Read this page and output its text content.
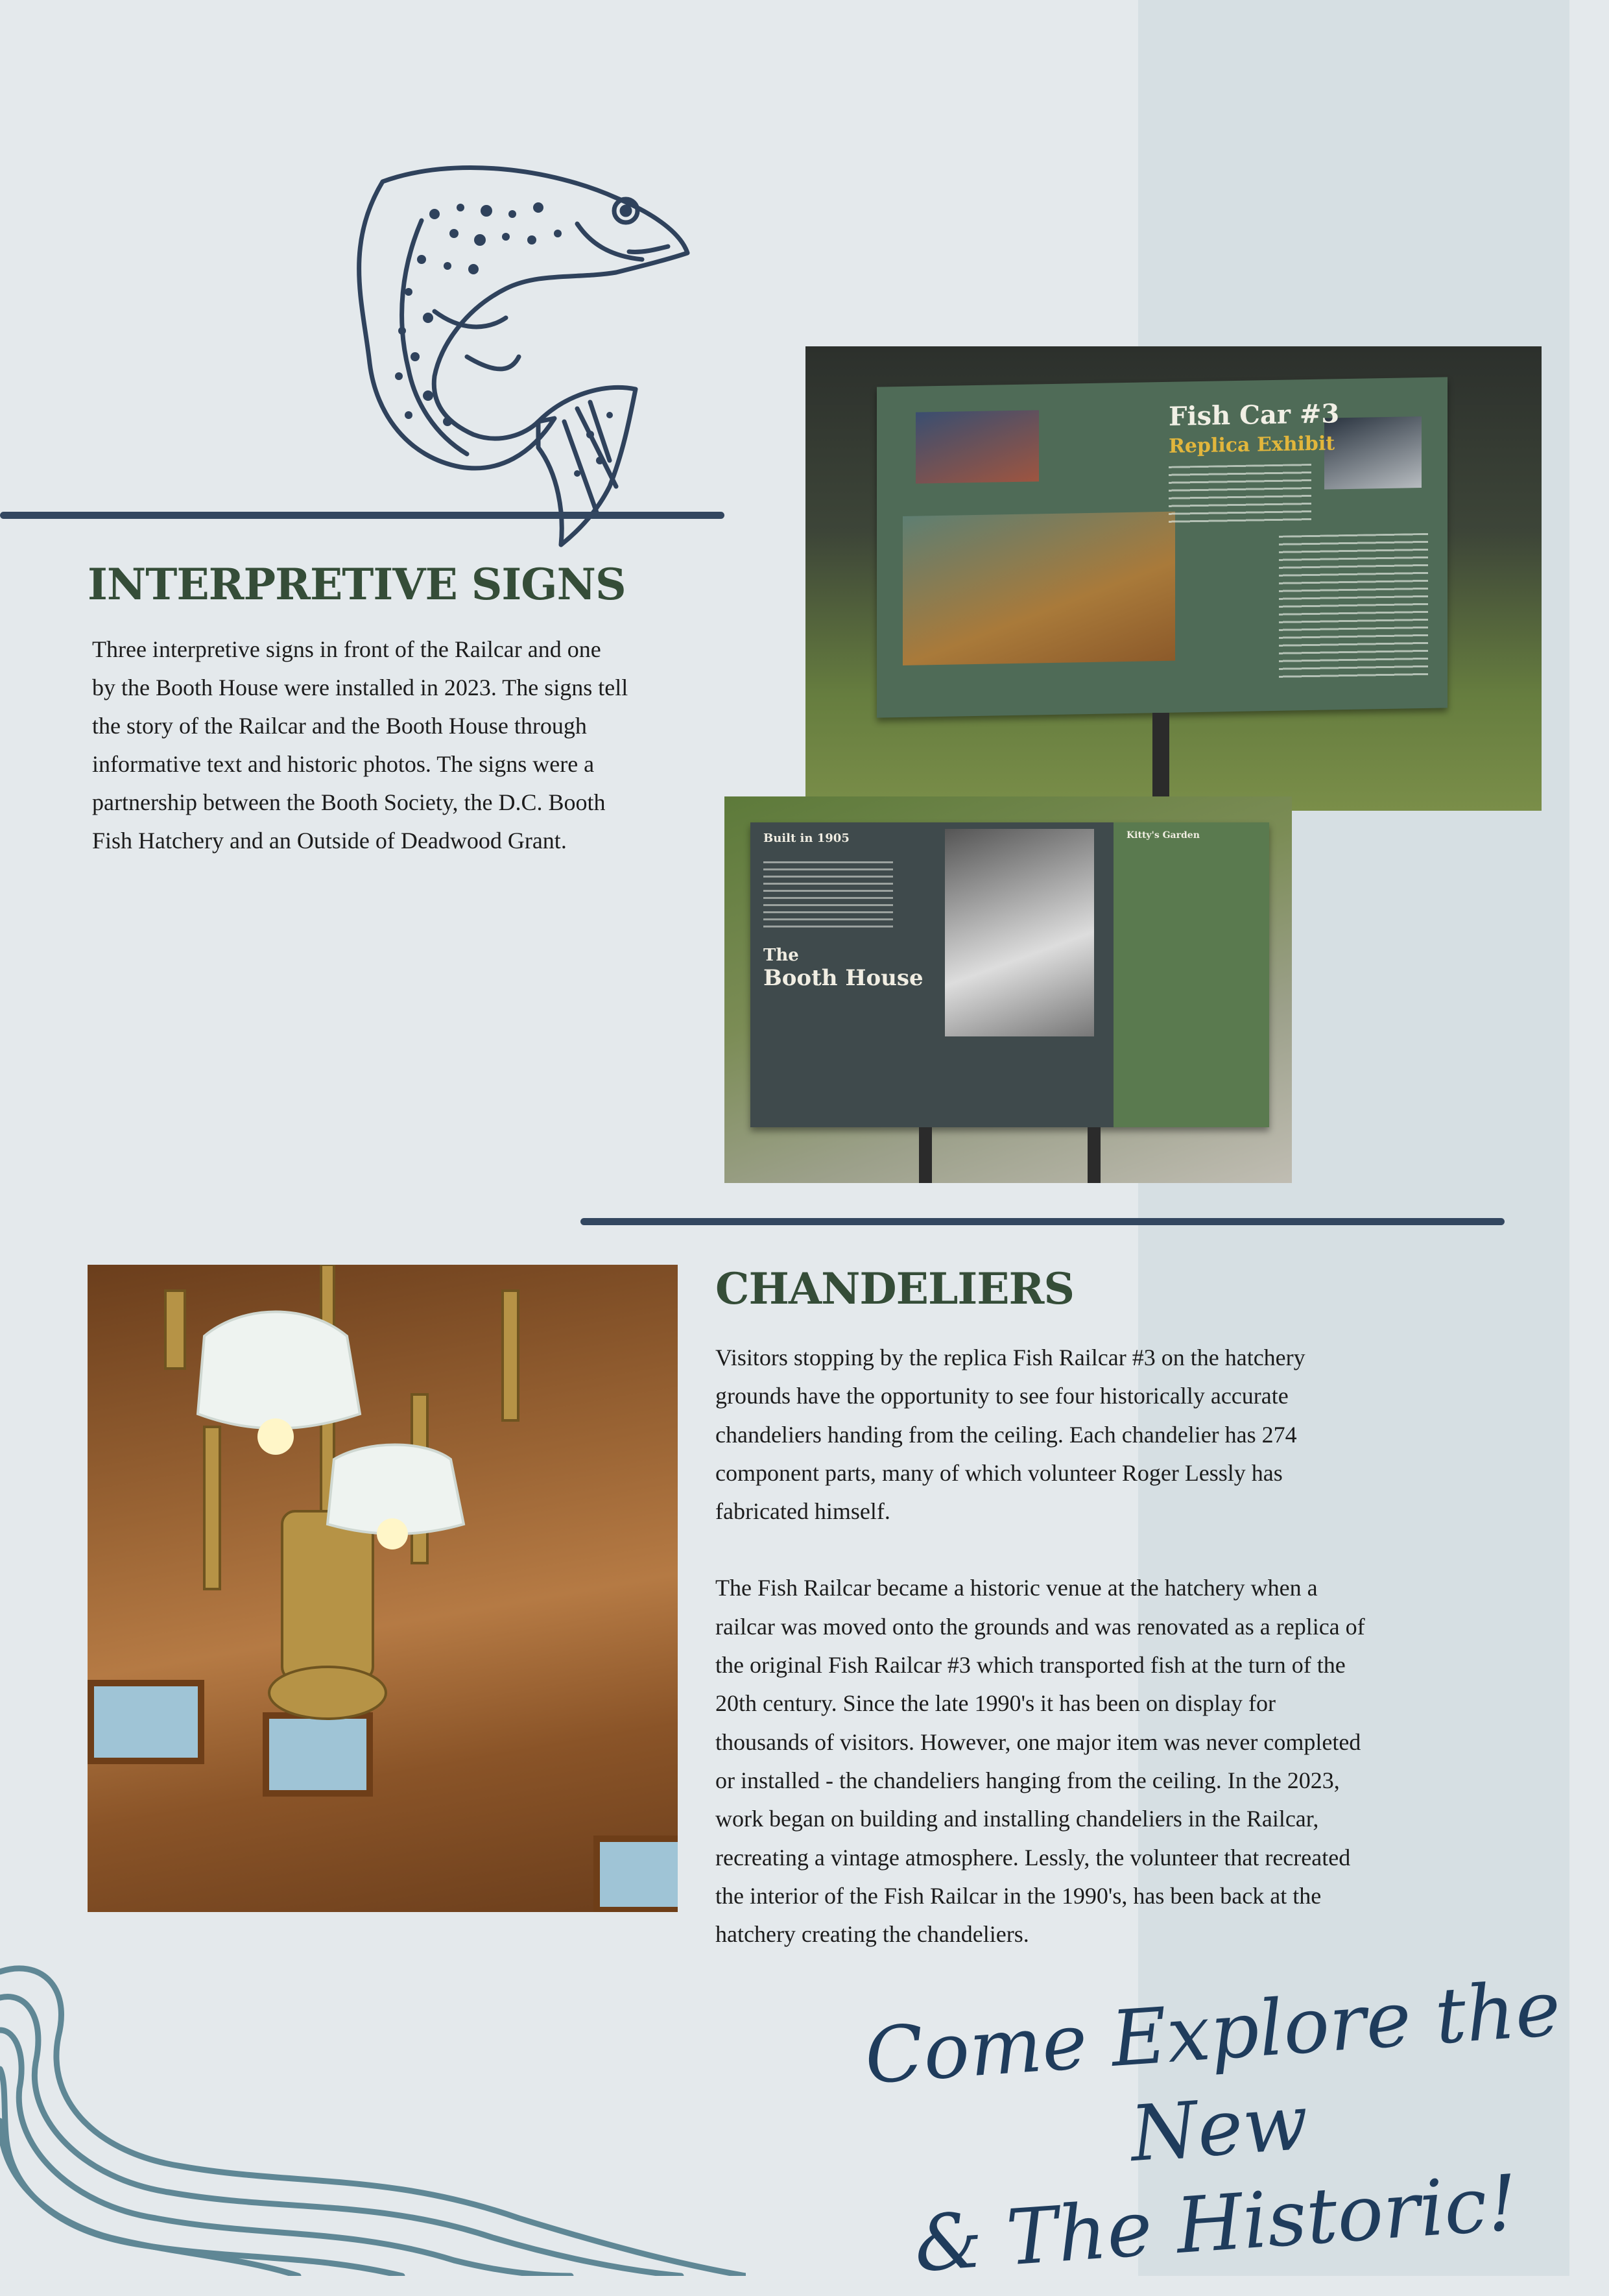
INTERPRETIVE SIGNS

Three interpretive signs in front of the Railcar and one
by the Booth House were installed in 2023. The signs tell
the story of the Railcar and the Booth House through
informative text and historic photos. The signs were a
partnership between the Booth Society, the D.C. Booth
Fish Hatchery and an Outside of Deadwood Grant.

Fish Car #3
Replica Exhibit
Built in 1905
The
Booth House
Kitty's Garden
CHANDELIERS

Visitors stopping by the replica Fish Railcar #3 on the hatchery
grounds have the opportunity to see four historically accurate
chandeliers handing from the ceiling. Each chandelier has 274
component parts, many of which volunteer Roger Lessly has
fabricated himself.

The Fish Railcar became a historic venue at the hatchery when a
railcar was moved onto the grounds and was renovated as a replica of
the original Fish Railcar #3 which transported fish at the turn of the
20th century. Since the late 1990's it has been on display for
thousands of visitors. However, one major item was never completed
or installed - the chandeliers hanging from the ceiling. In the 2023,
work began on building and installing chandeliers in the Railcar,
recreating a vintage atmosphere. Lessly, the volunteer that recreated
the interior of the Fish Railcar in the 1990's, has been back at the
hatchery creating the chandeliers.

Come Explore the New
& The Historic!
